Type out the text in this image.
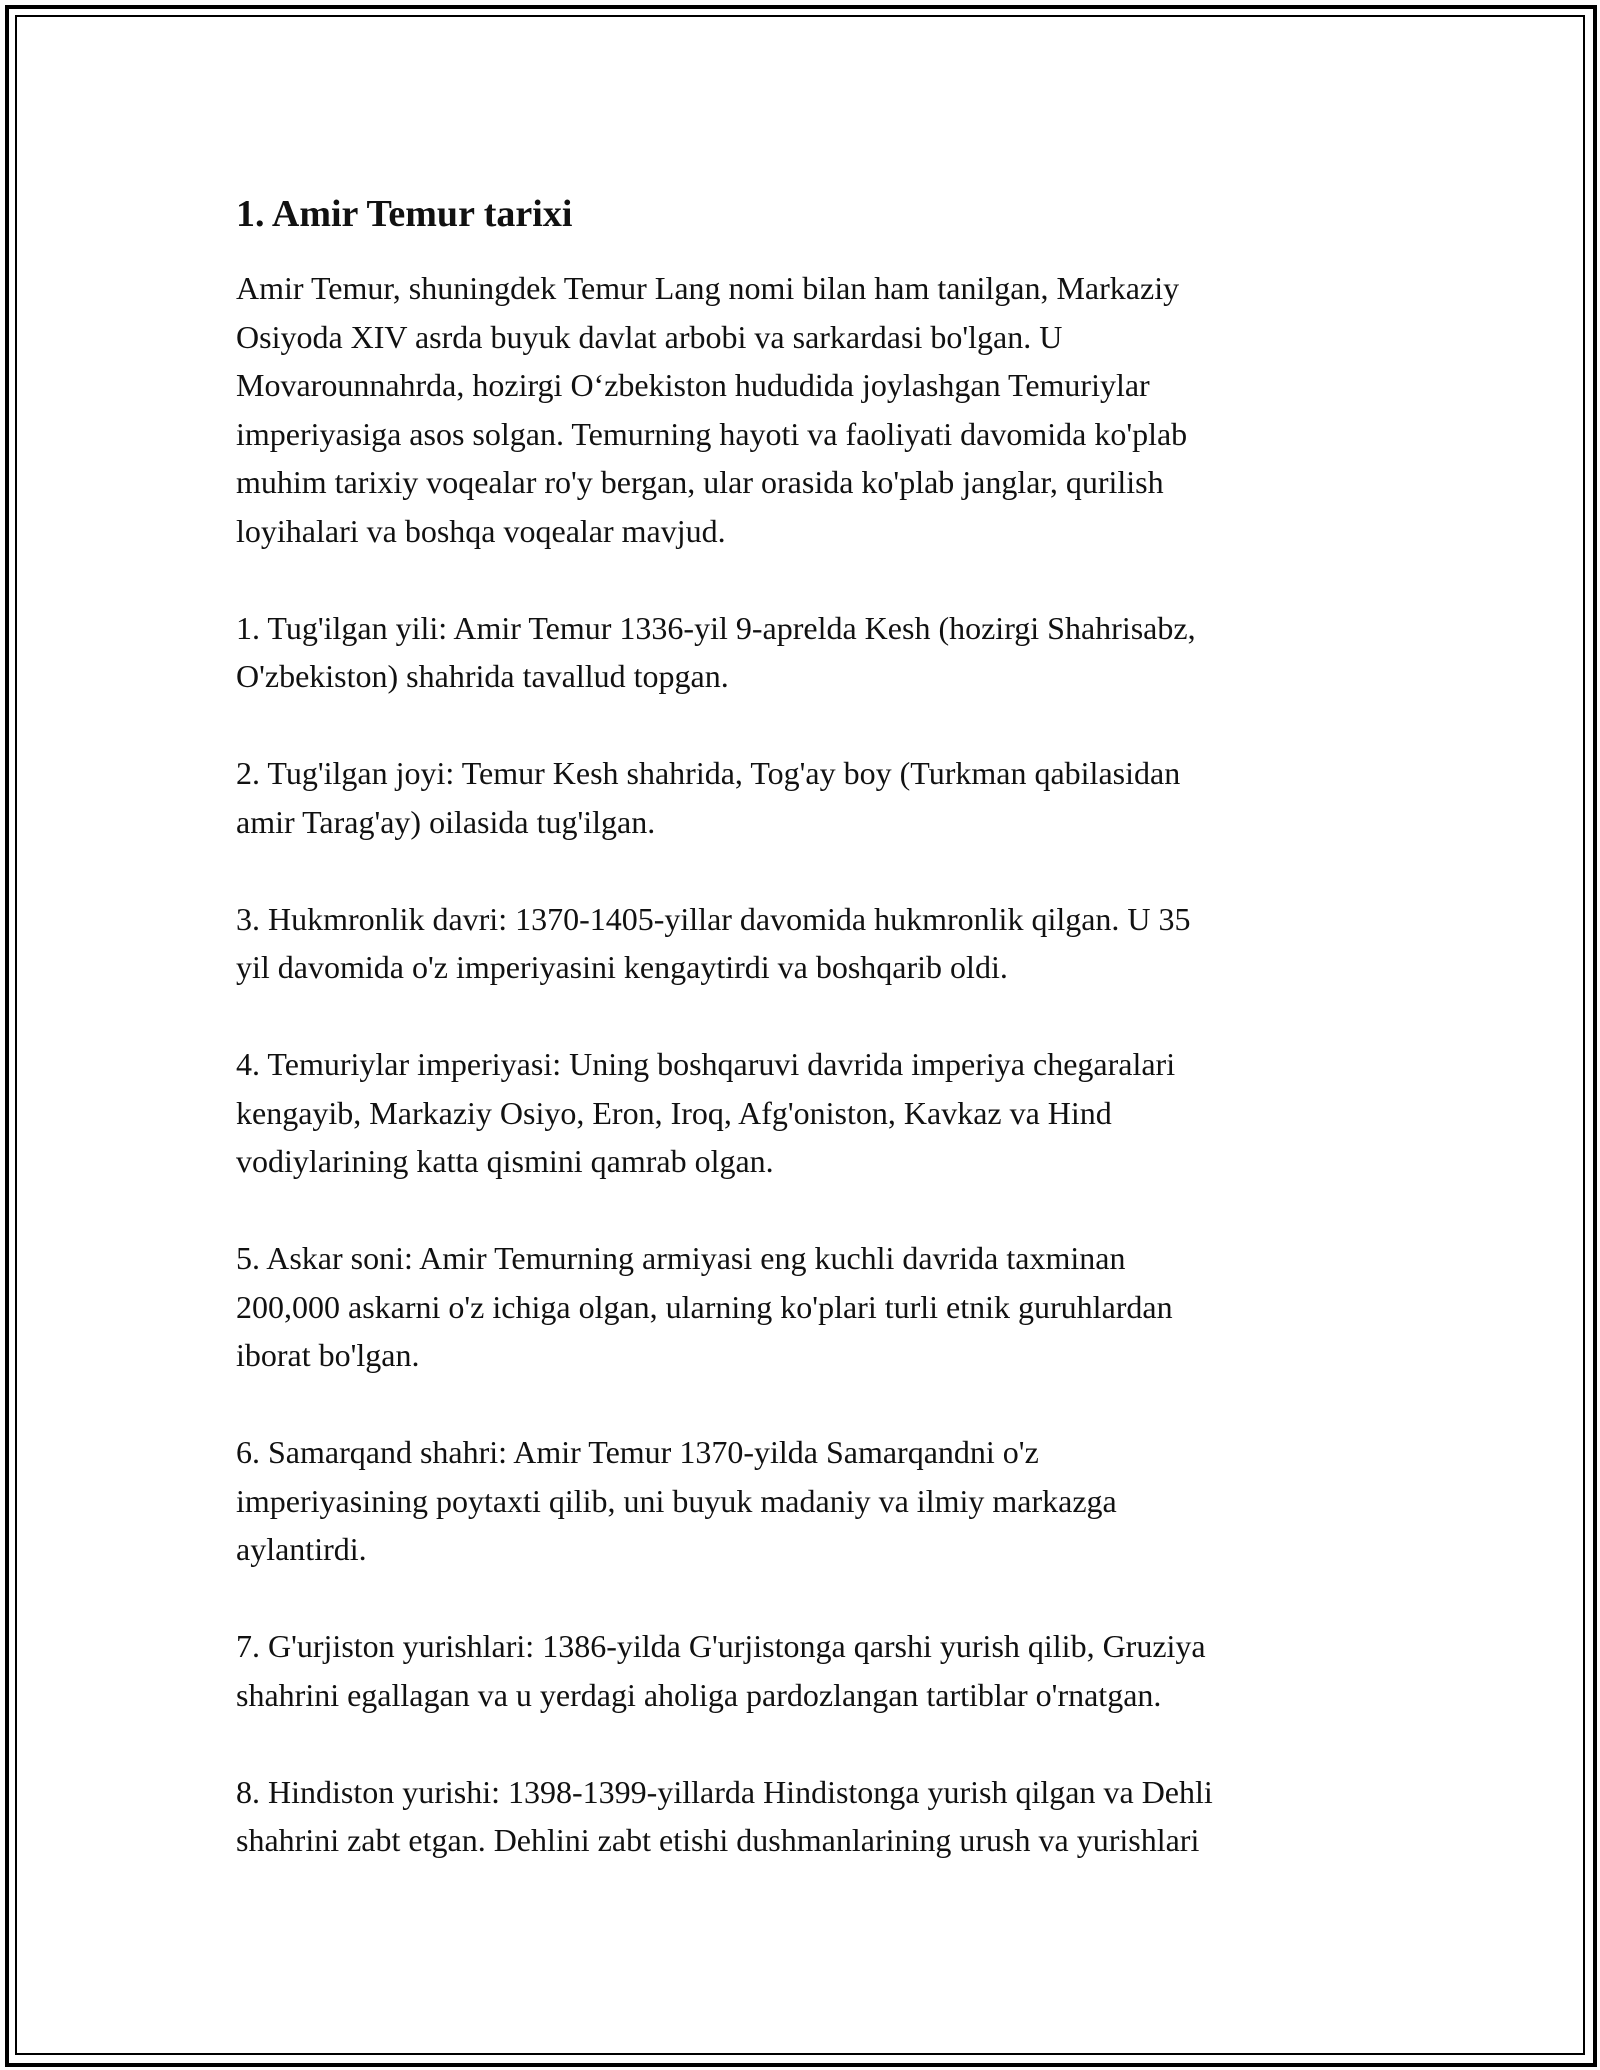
1. Amir Temur tarixi

Amir Temur, shuningdek Temur Lang nomi bilan ham tanilgan, Markaziy
Osiyoda XIV asrda buyuk davlat arbobi va sarkardasi bo'lgan. U
Movarounnahrda, hozirgi O‘zbekiston hududida joylashgan Temuriylar
imperiyasiga asos solgan. Temurning hayoti va faoliyati davomida ko'plab
muhim tarixiy voqealar ro'y bergan, ular orasida ko'plab janglar, qurilish
loyihalari va boshqa voqealar mavjud.

1. Tug'ilgan yili: Amir Temur 1336-yil 9-aprelda Kesh (hozirgi Shahrisabz,
O'zbekiston) shahrida tavallud topgan.

2. Tug'ilgan joyi: Temur Kesh shahrida, Tog'ay boy (Turkman qabilasidan
amir Tarag'ay) oilasida tug'ilgan.

3. Hukmronlik davri: 1370-1405-yillar davomida hukmronlik qilgan. U 35
yil davomida o'z imperiyasini kengaytirdi va boshqarib oldi.

4. Temuriylar imperiyasi: Uning boshqaruvi davrida imperiya chegaralari
kengayib, Markaziy Osiyo, Eron, Iroq, Afg'oniston, Kavkaz va Hind
vodiylarining katta qismini qamrab olgan.

5. Askar soni: Amir Temurning armiyasi eng kuchli davrida taxminan
200,000 askarni o'z ichiga olgan, ularning ko'plari turli etnik guruhlardan
iborat bo'lgan.

6. Samarqand shahri: Amir Temur 1370-yilda Samarqandni o'z
imperiyasining poytaxti qilib, uni buyuk madaniy va ilmiy markazga
aylantirdi.

7. G'urjiston yurishlari: 1386-yilda G'urjistonga qarshi yurish qilib, Gruziya
shahrini egallagan va u yerdagi aholiga pardozlangan tartiblar o'rnatgan.

8. Hindiston yurishi: 1398-1399-yillarda Hindistonga yurish qilgan va Dehli
shahrini zabt etgan. Dehlini zabt etishi dushmanlarining urush va yurishlari
